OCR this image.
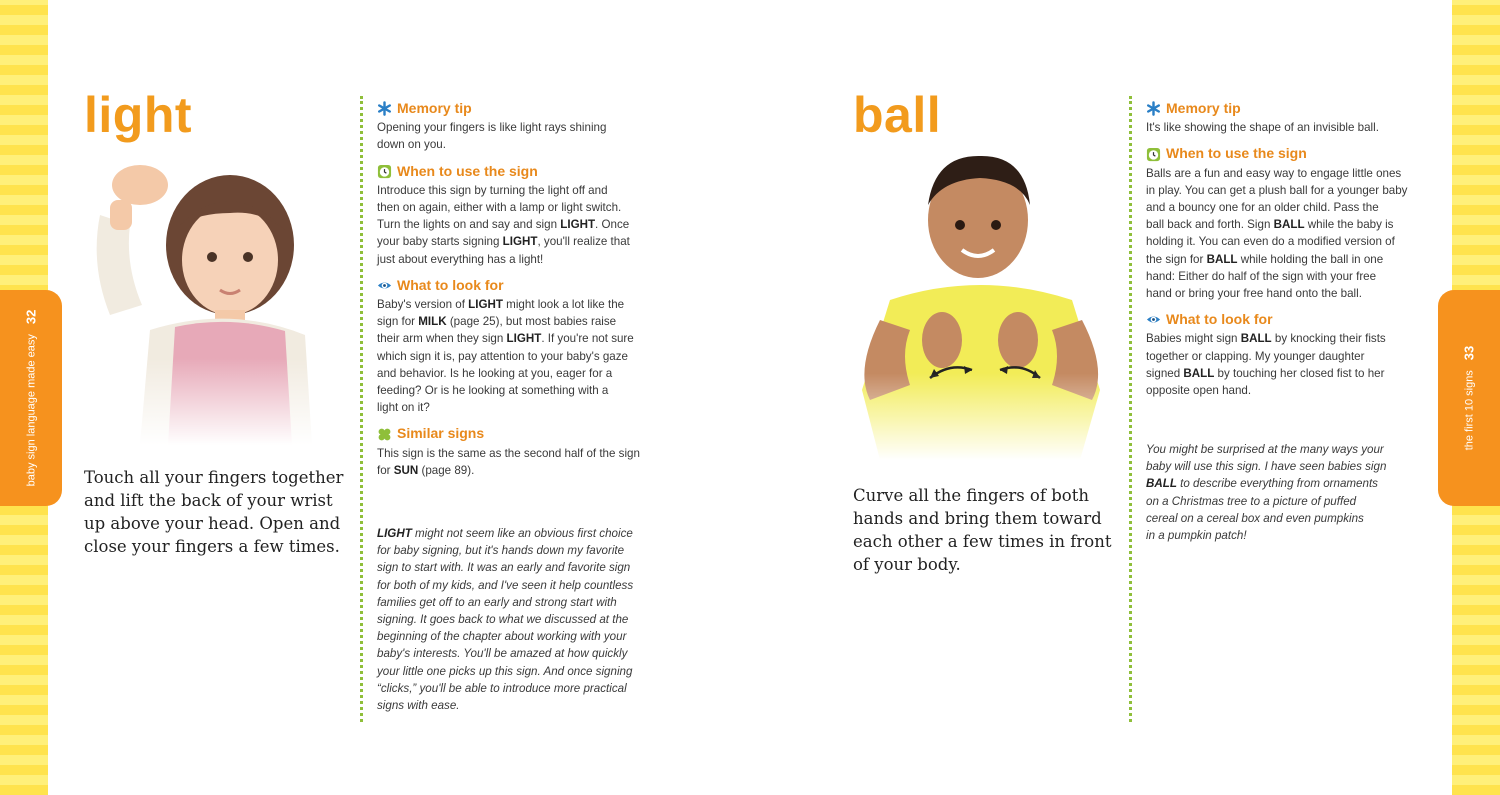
baby sign language made easy
32
the first 10 signs
33
light
Touch all your fingers together
and lift the back of your wrist
up above your head. Open and
close your fingers a few times.
Memory tip
Opening your fingers is like light rays shining
down on you.
When to use the sign
Introduce this sign by turning the light off and
then on again, either with a lamp or light switch.
Turn the lights on and say and sign LIGHT. Once
your baby starts signing LIGHT, you'll realize that
just about everything has a light!
What to look for
Baby's version of LIGHT might look a lot like the
sign for MILK (page 25), but most babies raise
their arm when they sign LIGHT. If you're not sure
which sign it is, pay attention to your baby's gaze
and behavior. Is he looking at you, eager for a
feeding? Or is he looking at something with a
light on it?
Similar signs
This sign is the same as the second half of the sign
for SUN (page 89).
LIGHT might not seem like an obvious first choice
for baby signing, but it's hands down my favorite
sign to start with. It was an early and favorite sign
for both of my kids, and I've seen it help countless
families get off to an early and strong start with
signing. It goes back to what we discussed at the
beginning of the chapter about working with your
baby's interests. You'll be amazed at how quickly
your little one picks up this sign. And once signing
“clicks,” you'll be able to introduce more practical
signs with ease.
ball
Curve all the fingers of both
hands and bring them toward
each other a few times in front
of your body.
Memory tip
It's like showing the shape of an invisible ball.
When to use the sign
Balls are a fun and easy way to engage little ones
in play. You can get a plush ball for a younger baby
and a bouncy one for an older child. Pass the
ball back and forth. Sign BALL while the baby is
holding it. You can even do a modified version of
the sign for BALL while holding the ball in one
hand: Either do half of the sign with your free
hand or bring your free hand onto the ball.
What to look for
Babies might sign BALL by knocking their fists
together or clapping. My younger daughter
signed BALL by touching her closed fist to her
opposite open hand.
You might be surprised at the many ways your
baby will use this sign. I have seen babies sign
BALL to describe everything from ornaments
on a Christmas tree to a picture of puffed
cereal on a cereal box and even pumpkins
in a pumpkin patch!
